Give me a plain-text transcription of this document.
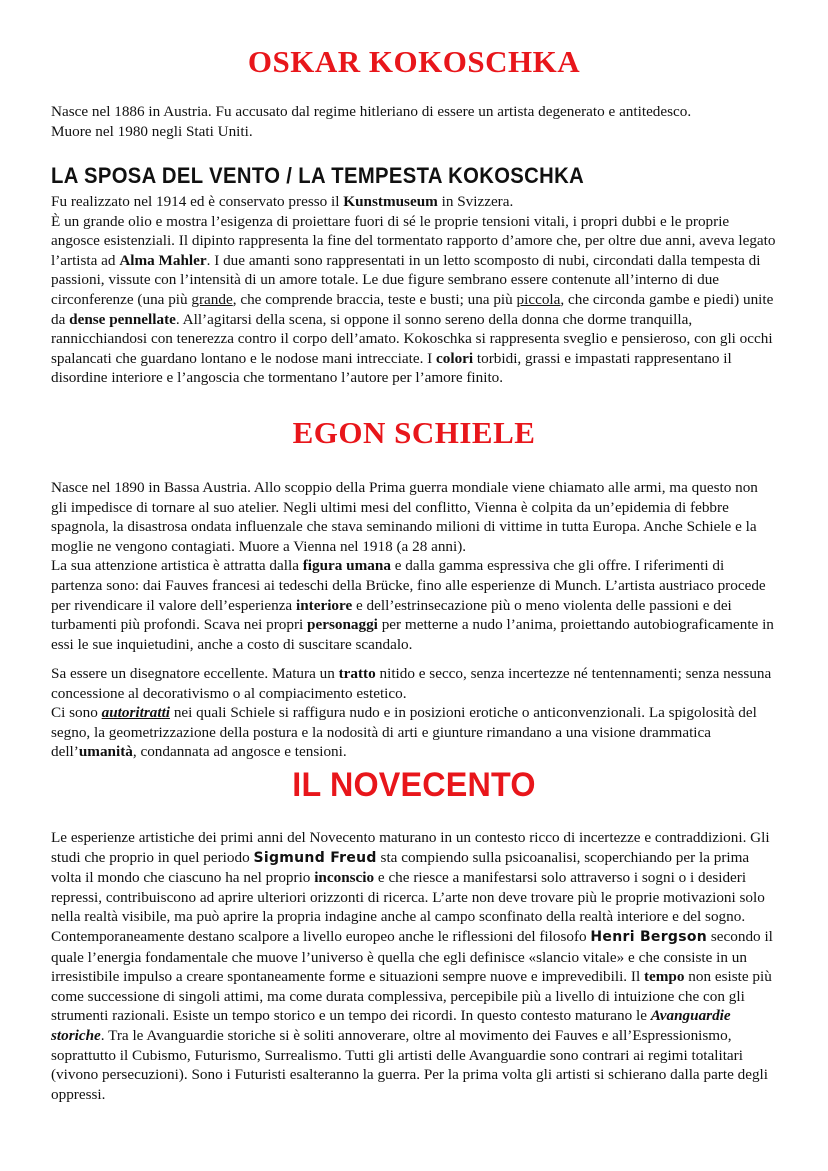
OSKAR KOKOSCHKA

Nasce nel 1886 in Austria. Fu accusato dal regime hitleriano di essere un artista degenerato e antitedesco.

Muore nel 1980 negli Stati Uniti.

LA SPOSA DEL VENTO / LA TEMPESTA KOKOSCHKA

Fu realizzato nel 1914 ed è conservato presso il Kunstmuseum in Svizzera.

È un grande olio e mostra l’esigenza di proiettare fuori di sé le proprie tensioni vitali, i propri dubbi e le proprie angosce esistenziali. Il dipinto rappresenta la fine del tormentato rapporto d’amore che, per oltre due anni, aveva legato l’artista ad Alma Mahler. I due amanti sono rappresentati in un letto scomposto di nubi, circondati dalla tempesta di passioni, vissute con l’intensità di un amore totale. Le due figure sembrano essere contenute all’interno di due circonferenze (una più grande, che comprende braccia, teste e busti; una più piccola, che circonda gambe e piedi) unite da dense pennellate. All’agitarsi della scena, si oppone il sonno sereno della donna che dorme tranquilla, rannicchiandosi con tenerezza contro il corpo dell’amato. Kokoschka si rappresenta sveglio e pensieroso, con gli occhi spalancati che guardano lontano e le nodose mani intrecciate. I colori torbidi, grassi e impastati rappresentano il disordine interiore e l’angoscia che tormentano l’autore per l’amore finito.

EGON SCHIELE

Nasce nel 1890 in Bassa Austria. Allo scoppio della Prima guerra mondiale viene chiamato alle armi, ma questo non gli impedisce di tornare al suo atelier. Negli ultimi mesi del conflitto, Vienna è colpita da un’epidemia di febbre spagnola, la disastrosa ondata influenzale che stava seminando milioni di vittime in tutta Europa. Anche Schiele e la moglie ne vengono contagiati. Muore a Vienna nel 1918 (a 28 anni).

La sua attenzione artistica è attratta dalla figura umana e dalla gamma espressiva che gli offre. I riferimenti di partenza sono: dai Fauves francesi ai tedeschi della Brücke, fino alle esperienze di Munch. L’artista austriaco procede per rivendicare il valore dell’esperienza interiore e dell’estrinsecazione più o meno violenta delle passioni e dei turbamenti più profondi. Scava nei propri personaggi per metterne a nudo l’anima, proiettando autobiograficamente in essi le sue inquietudini, anche a costo di suscitare scandalo.

Sa essere un disegnatore eccellente. Matura un tratto nitido e secco, senza incertezze né tentennamenti; senza nessuna concessione al decorativismo o al compiacimento estetico.

Ci sono autoritratti nei quali Schiele si raffigura nudo e in posizioni erotiche o anticonvenzionali. La spigolosità del segno, la geometrizzazione della postura e la nodosità di arti e giunture rimandano a una visione drammatica dell’umanità, condannata ad angosce e tensioni.

IL NOVECENTO

Le esperienze artistiche dei primi anni del Novecento maturano in un contesto ricco di incertezze e contraddizioni. Gli studi che proprio in quel periodo Sigmund Freud sta compiendo sulla psicoanalisi, scoperchiando per la prima volta il mondo che ciascuno ha nel proprio inconscio e che riesce a manifestarsi solo attraverso i sogni o i desideri repressi, contribuiscono ad aprire ulteriori orizzonti di ricerca. L’arte non deve trovare più le proprie motivazioni solo nella realtà visibile, ma può aprire la propria indagine anche al campo sconfinato della realtà interiore e del sogno. Contemporaneamente destano scalpore a livello europeo anche le riflessioni del filosofo Henri Bergson secondo il quale l’energia fondamentale che muove l’universo è quella che egli definisce «slancio vitale» e che consiste in un irresistibile impulso a creare spontaneamente forme e situazioni sempre nuove e imprevedibili. Il tempo non esiste più come successione di singoli attimi, ma come durata complessiva, percepibile più a livello di intuizione che con gli strumenti razionali. Esiste un tempo storico e un tempo dei ricordi. In questo contesto maturano le Avanguardie storiche. Tra le Avanguardie storiche si è soliti annoverare, oltre al movimento dei Fauves e all’Espressionismo, soprattutto il Cubismo, Futurismo, Surrealismo. Tutti gli artisti delle Avanguardie sono contrari ai regimi totalitari (vivono persecuzioni). Sono i Futuristi esalteranno la guerra. Per la prima volta gli artisti si schierano dalla parte degli oppressi.
